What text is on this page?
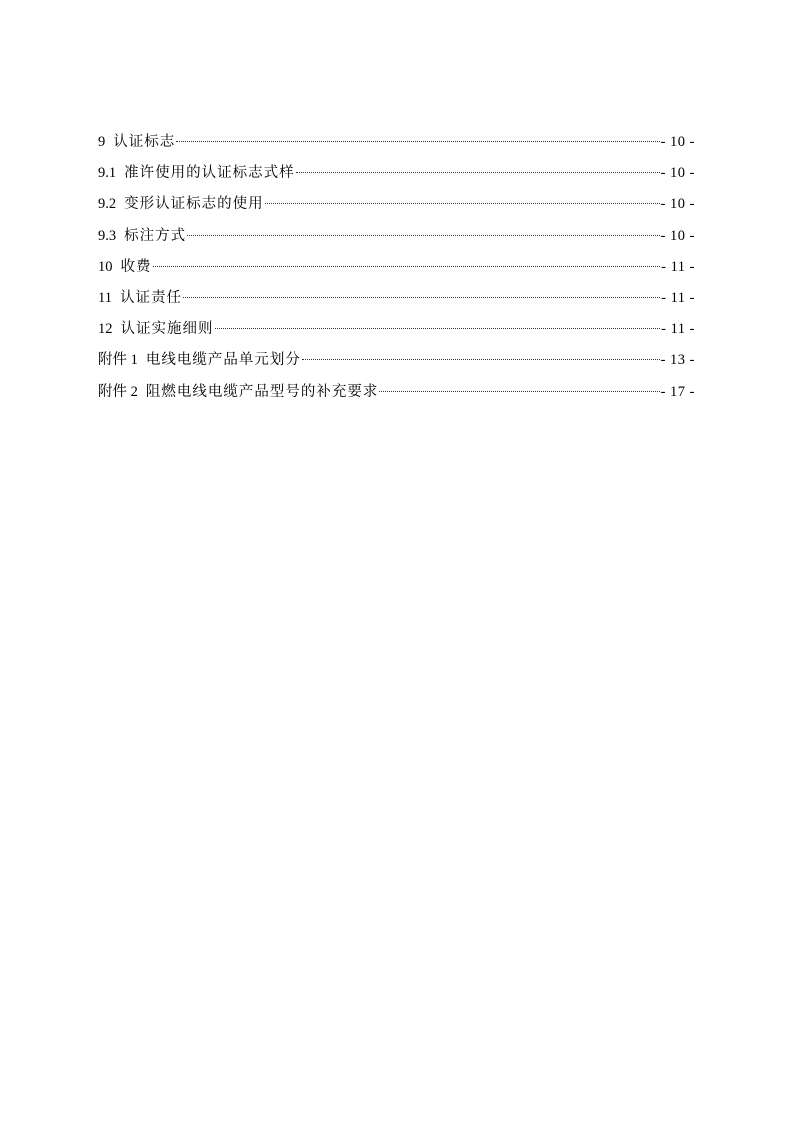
9 认证标志	- 10 -
9.1 准许使用的认证标志式样	- 10 -
9.2 变形认证标志的使用	- 10 -
9.3 标注方式	- 10 -
10 收费	- 11 -
11 认证责任	- 11 -
12 认证实施细则	- 11 -
附件 1 电线电缆产品单元划分	- 13 -
附件 2 阻燃电线电缆产品型号的补充要求	- 17 -
